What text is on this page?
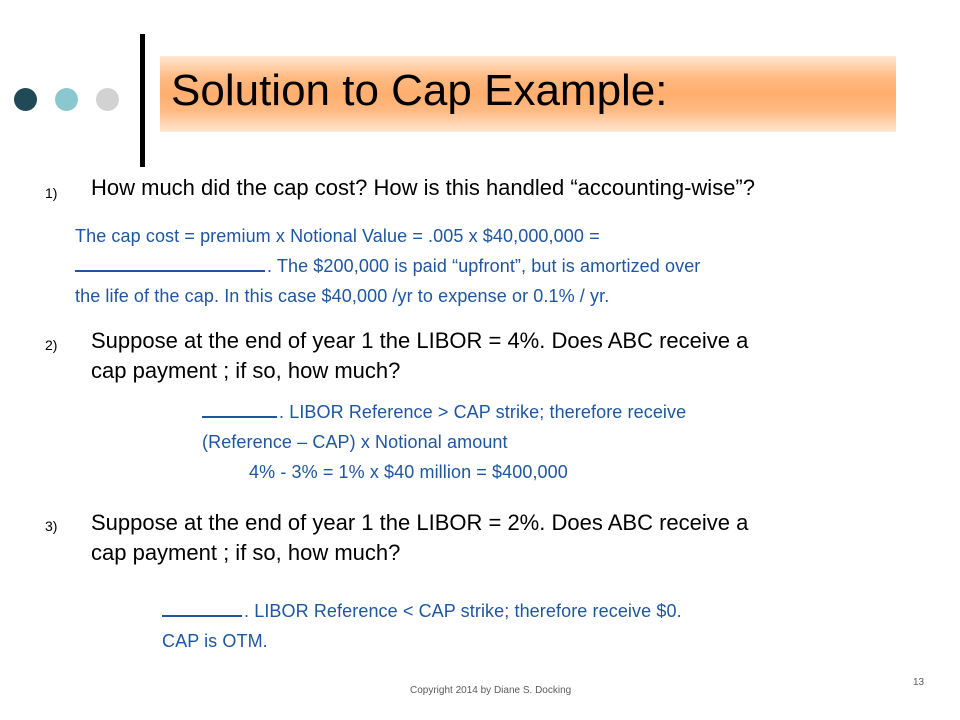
Solution to Cap Example:
1) How much did the cap cost? How is this handled “accounting-wise”?
The cap cost = premium x Notional Value = .005 x $40,000,000 =
. The $200,000 is paid “upfront”, but is amortized over
the life of the cap. In this case $40,000 /yr to expense or 0.1% / yr.
2) Suppose at the end of year 1 the LIBOR = 4%. Does ABC receive a
cap payment ; if so, how much?
. LIBOR Reference > CAP strike; therefore receive
(Reference – CAP) x Notional amount
4% - 3% = 1% x $40 million = $400,000
3) Suppose at the end of year 1 the LIBOR = 2%. Does ABC receive a
cap payment ; if so, how much?
. LIBOR Reference < CAP strike; therefore receive $0.
CAP is OTM.
Copyright 2014 by Diane S. Docking
13
